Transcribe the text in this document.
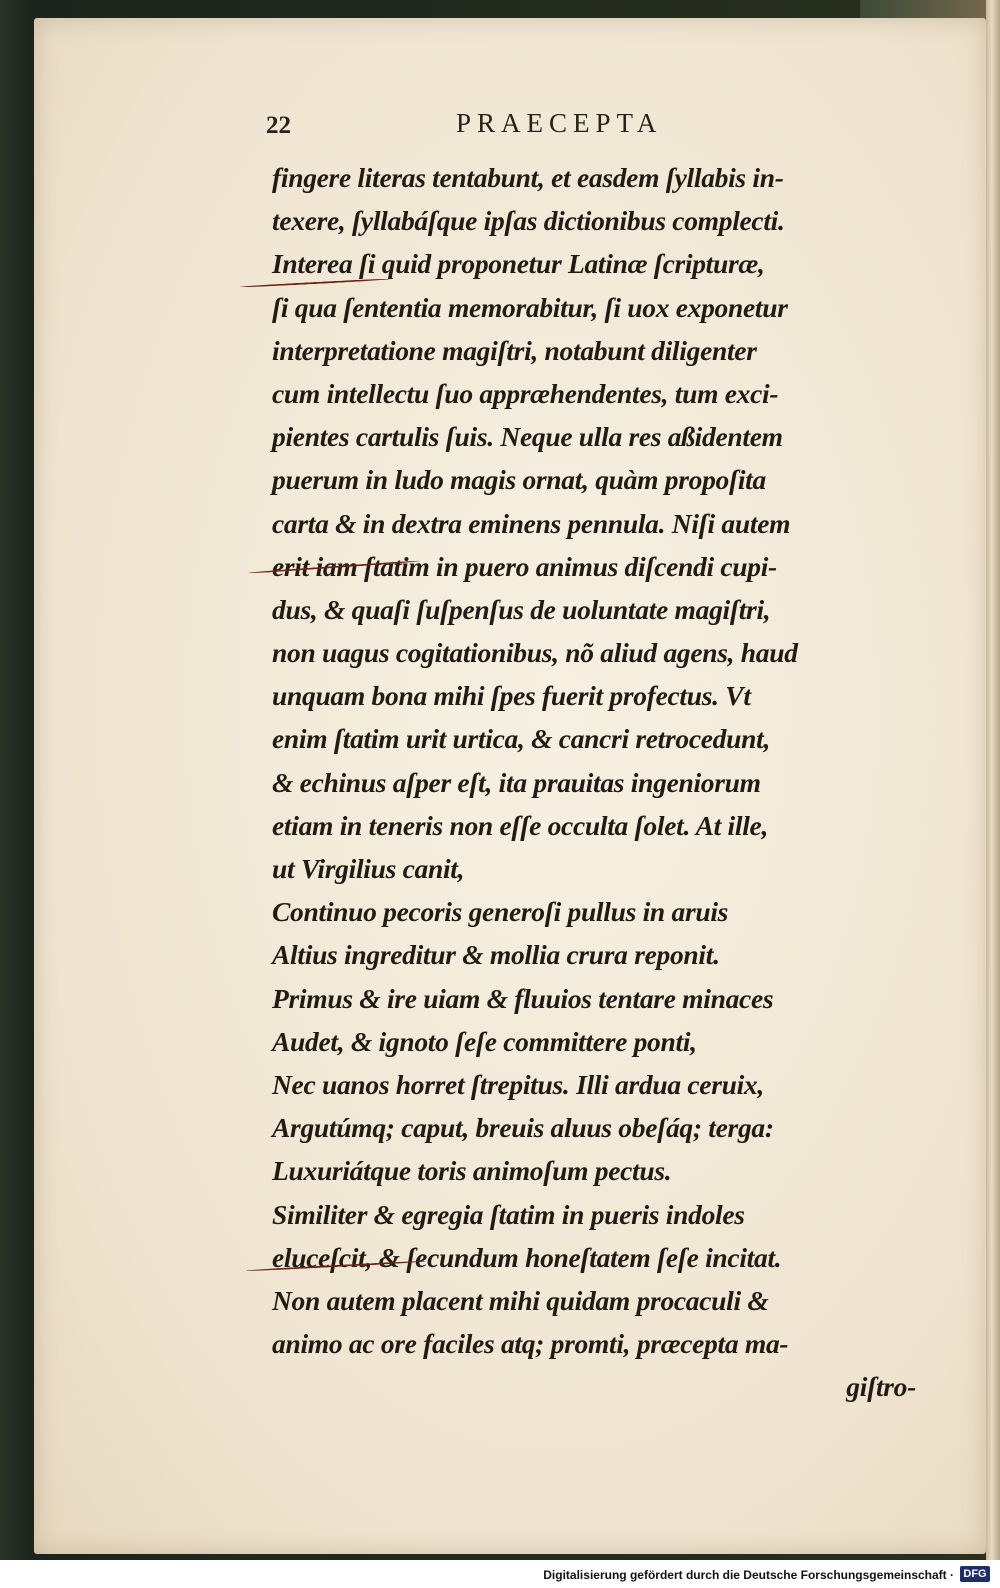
22	PRAECEPTA
fingere literas tentabunt, et easdem ſyllabis in-
texere, ſyllabáſque ipſas dictionibus complecti.
Interea ſi quid proponetur Latinæ ſcripturæ,
ſi qua ſententia memorabitur, ſi uox exponetur
interpretatione magiſtri, notabunt diligenter
cum intellectu ſuo appræhendentes, tum exci-
pientes cartulis ſuis. Neque ulla res aßidentem
puerum in ludo magis ornat, quàm propoſita
carta & in dextra eminens pennula. Niſi autem
erit iam ſtatim in puero animus diſcendi cupi-
dus, & quaſi ſuſpenſus de uoluntate magiſtri,
non uagus cogitationibus, nõ aliud agens, haud
unquam bona mihi ſpes fuerit profectus. Vt
enim ſtatim urit urtica, & cancri retrocedunt,
& echinus aſper eſt, ita prauitas ingeniorum
etiam in teneris non eſſe occulta ſolet. At ille,
ut Virgilius canit,
Continuo pecoris generoſi pullus in aruis
Altius ingreditur & mollia crura reponit.
Primus & ire uiam & fluuios tentare minaces
Audet, & ignoto ſeſe committere ponti,
Nec uanos horret ſtrepitus. Illi ardua ceruix,
Argutúmq; caput, breuis aluus obeſáq; terga:
Luxuriátque toris animoſum pectus.
Similiter & egregia ſtatim in pueris indoles
eluceſcit, & ſecundum honeſtatem ſeſe incitat.
Non autem placent mihi quidam procaculi &
animo ac ore faciles atq; promti, præcepta ma-
giſtro-
Digitalisierung gefördert durch die Deutsche Forschungsgemeinschaft · DFG
